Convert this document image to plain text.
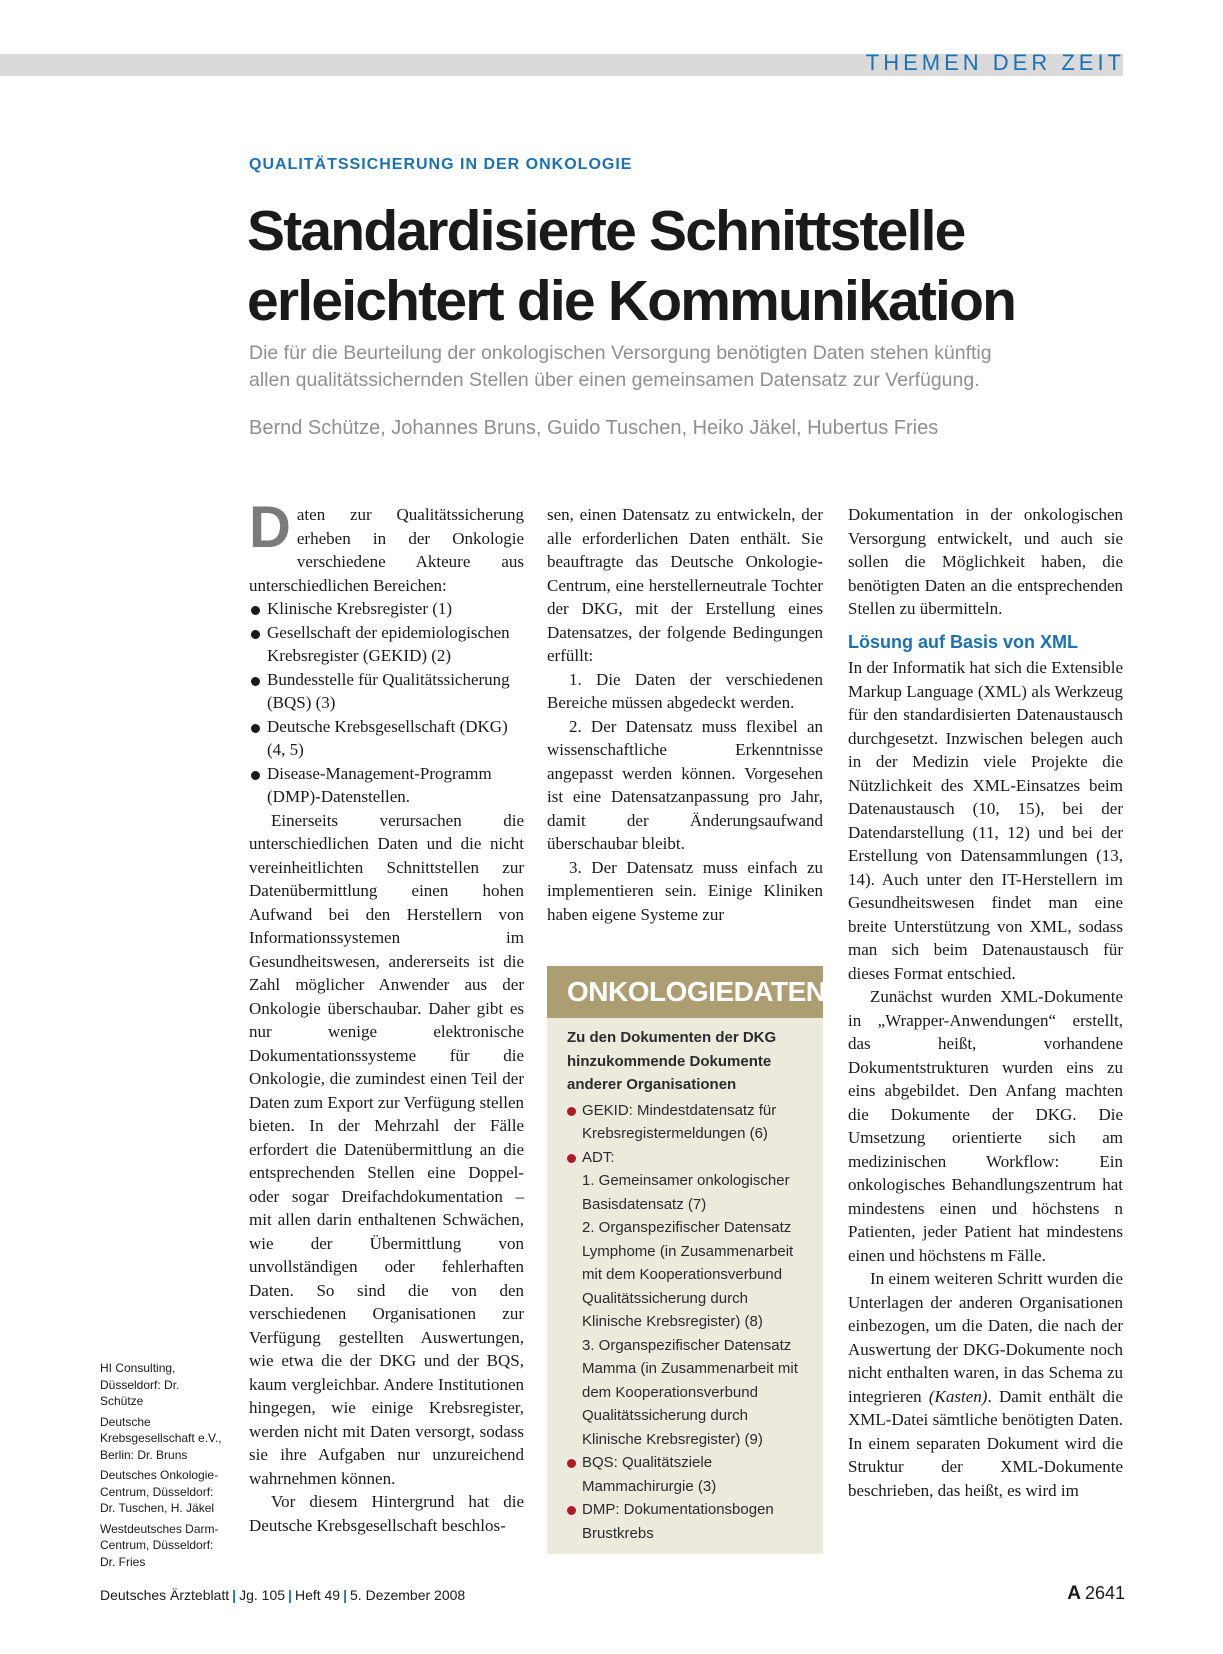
THEMEN DER ZEIT
QUALITÄTSSICHERUNG IN DER ONKOLOGIE
Standardisierte Schnittstelle
erleichtert die Kommunikation
Die für die Beurteilung der onkologischen Versorgung benötigten Daten stehen künftig
allen qualitätssichernden Stellen über einen gemeinsamen Datensatz zur Verfügung.
Bernd Schütze, Johannes Bruns, Guido Tuschen, Heiko Jäkel, Hubertus Fries

Daten zur Qualitätssicherung erheben in der Onkologie verschiedene Akteure aus unterschiedlichen Bereichen:

Klinische Krebsregister (1)
Gesellschaft der epidemiologischen Krebsregister (GEKID) (2)
Bundesstelle für Qualitätssicherung (BQS) (3)
Deutsche Krebsgesellschaft (DKG) (4, 5)
Disease-Management-Programm (DMP)-Datenstellen.

Einerseits verursachen die unterschiedlichen Daten und die nicht vereinheitlichten Schnittstellen zur Datenübermittlung einen hohen Aufwand bei den Herstellern von Informationssystemen im Gesundheitswesen, andererseits ist die Zahl möglicher Anwender aus der Onkologie überschaubar. Daher gibt es nur wenige elektronische Dokumentationssysteme für die Onkologie, die zumindest einen Teil der Daten zum Export zur Verfügung stellen bieten. In der Mehrzahl der Fälle erfordert die Datenübermittlung an die entsprechenden Stellen eine Doppel- oder sogar Dreifachdokumentation – mit allen darin enthaltenen Schwächen, wie der Übermittlung von unvollständigen oder fehlerhaften Daten. So sind die von den verschiedenen Organisationen zur Verfügung gestellten Auswertungen, wie etwa die der DKG und der BQS, kaum vergleichbar. Andere Institutionen hingegen, wie einige Krebsregister, werden nicht mit Daten versorgt, sodass sie ihre Aufgaben nur unzureichend wahrnehmen können.

Vor diesem Hintergrund hat die Deutsche Krebsgesellschaft beschlos-

sen, einen Datensatz zu entwickeln, der alle erforderlichen Daten enthält. Sie beauftragte das Deutsche Onkologie-Centrum, eine herstellerneutrale Tochter der DKG, mit der Erstellung eines Datensatzes, der folgende Bedingungen erfüllt:

1. Die Daten der verschiedenen Bereiche müssen abgedeckt werden.

2. Der Datensatz muss flexibel an wissenschaftliche Erkenntnisse angepasst werden können. Vorgesehen ist eine Datensatzanpassung pro Jahr, damit der Änderungsaufwand überschaubar bleibt.

3. Der Datensatz muss einfach zu implementieren sein. Einige Kliniken haben eigene Systeme zur

ONKOLOGIEDATEN
Zu den Dokumenten der DKG hinzukommende Dokumente anderer Organisationen
GEKID: Mindestdatensatz für Krebsregistermeldungen (6)
ADT:
1. Gemeinsamer onkologischer Basisdatensatz (7)
2. Organspezifischer Datensatz Lymphome (in Zusammenarbeit mit dem Kooperationsverbund Qualitätssicherung durch Klinische Krebsregister) (8)
3. Organspezifischer Datensatz Mamma (in Zusammenarbeit mit dem Kooperationsverbund Qualitätssicherung durch Klinische Krebsregister) (9)
BQS: Qualitätsziele Mammachirurgie (3)
DMP: Dokumentationsbogen Brustkrebs

Dokumentation in der onkologischen Versorgung entwickelt, und auch sie sollen die Möglichkeit haben, die benötigten Daten an die entsprechenden Stellen zu übermitteln.

Lösung auf Basis von XML

In der Informatik hat sich die Extensible Markup Language (XML) als Werkzeug für den standardisierten Datenaustausch durchgesetzt. Inzwischen belegen auch in der Medizin viele Projekte die Nützlichkeit des XML-Einsatzes beim Datenaustausch (10, 15), bei der Datendarstellung (11, 12) und bei der Erstellung von Datensammlungen (13, 14). Auch unter den IT-Herstellern im Gesundheitswesen findet man eine breite Unterstützung von XML, sodass man sich beim Datenaustausch für dieses Format entschied.

Zunächst wurden XML-Dokumente in „Wrapper-Anwendungen“ erstellt, das heißt, vorhandene Dokumentstrukturen wurden eins zu eins abgebildet. Den Anfang machten die Dokumente der DKG. Die Umsetzung orientierte sich am medizinischen Workflow: Ein onkologisches Behandlungszentrum hat mindestens einen und höchstens n Patienten, jeder Patient hat mindestens einen und höchstens m Fälle.

In einem weiteren Schritt wurden die Unterlagen der anderen Organisationen einbezogen, um die Daten, die nach der Auswertung der DKG-Dokumente noch nicht enthalten waren, in das Schema zu integrieren (Kasten). Damit enthält die XML-Datei sämtliche benötigten Daten. In einem separaten Dokument wird die Struktur der XML-Dokumente beschrieben, das heißt, es wird im

HI Consulting, Düsseldorf: Dr. Schütze

Deutsche Krebsgesellschaft e.V., Berlin: Dr. Bruns

Deutsches Onkologie-Centrum, Düsseldorf: Dr. Tuschen, H. Jäkel

Westdeutsches Darm-Centrum, Düsseldorf: Dr. Fries

Deutsches Ärzteblatt | Jg. 105 | Heft 49 | 5. Dezember 2008	A 2641
